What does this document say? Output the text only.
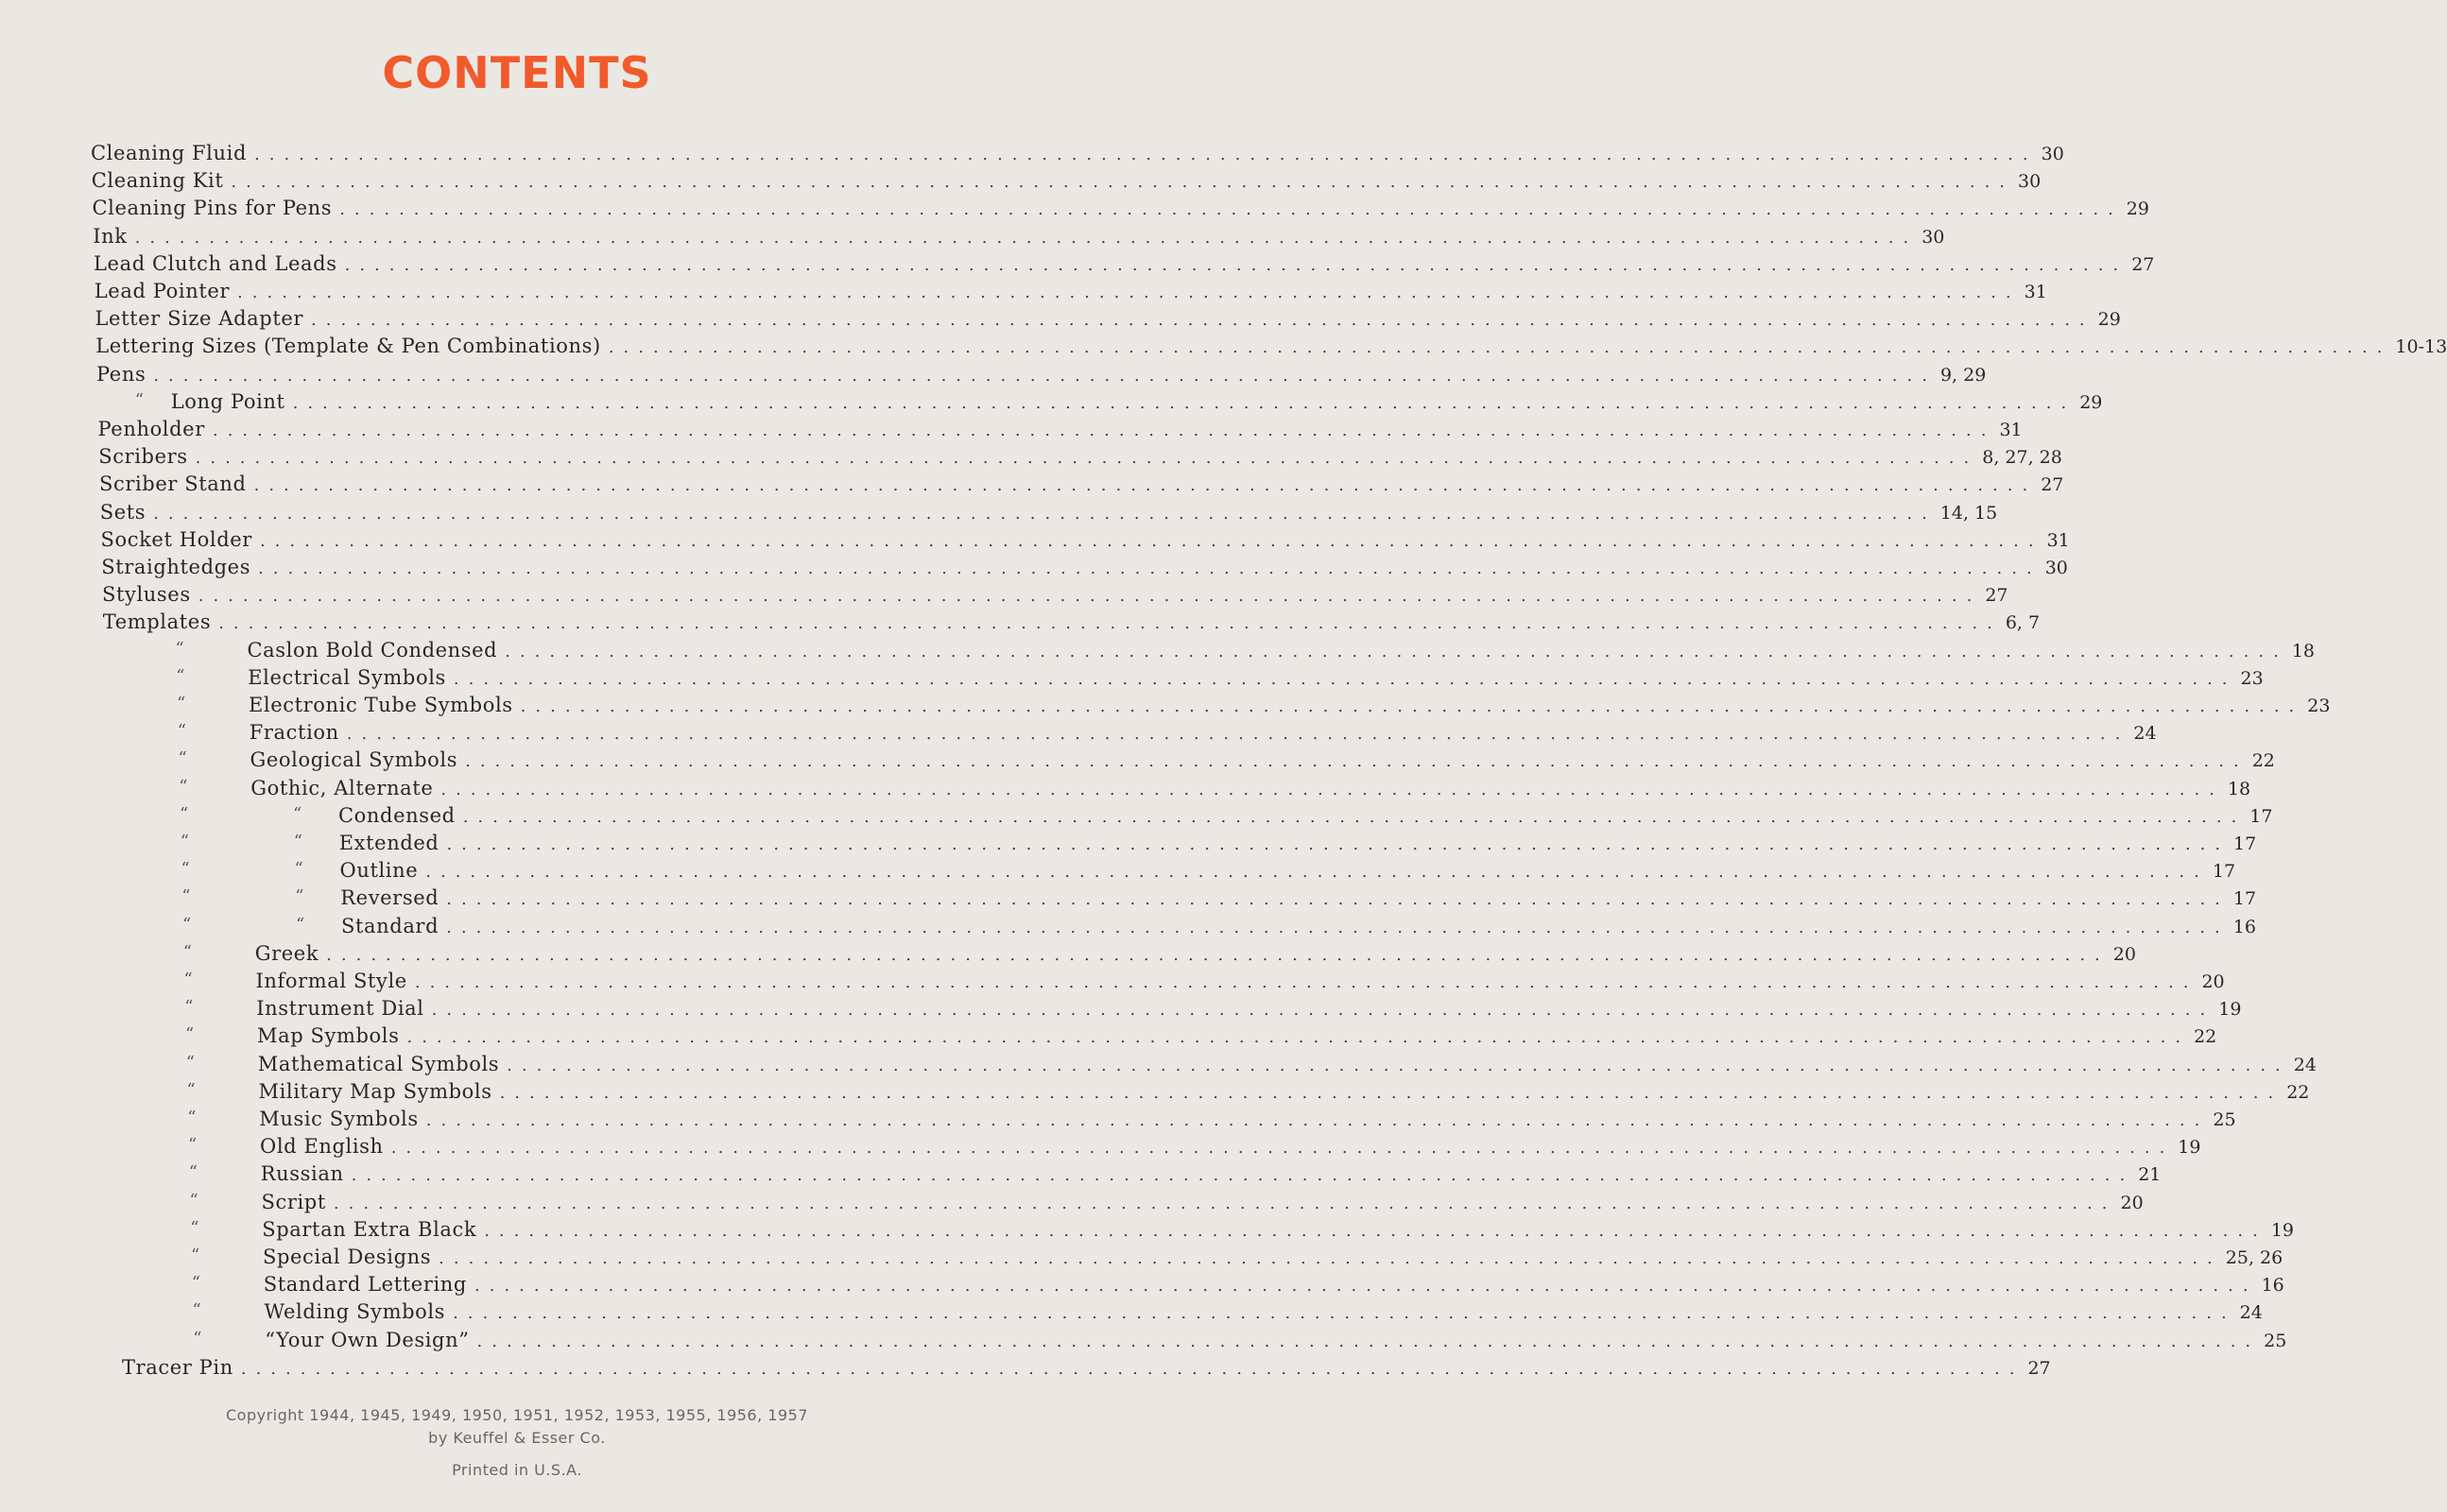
CONTENTS
Cleaning Fluid ........................................................................................................................ 30
Cleaning Kit ........................................................................................................................ 30
Cleaning Pins for Pens ........................................................................................................................ 29
Ink ........................................................................................................................ 30
Lead Clutch and Leads ........................................................................................................................ 27
Lead Pointer ........................................................................................................................ 31
Letter Size Adapter ........................................................................................................................ 29
Lettering Sizes (Template & Pen Combinations) ........................................................................................................................ 10-13
Pens ........................................................................................................................ 9, 29
“ Long Point ........................................................................................................................ 29
Penholder ........................................................................................................................ 31
Scribers ........................................................................................................................ 8, 27, 28
Scriber Stand ........................................................................................................................ 27
Sets ........................................................................................................................ 14, 15
Socket Holder ........................................................................................................................ 31
Straightedges ........................................................................................................................ 30
Styluses ........................................................................................................................ 27
Templates ........................................................................................................................ 6, 7
“	Caslon Bold Condensed ........................................................................................................................ 18
“	Electrical Symbols ........................................................................................................................ 23
“	Electronic Tube Symbols ........................................................................................................................ 23
“	Fraction ........................................................................................................................ 24
“	Geological Symbols ........................................................................................................................ 22
“	Gothic, Alternate ........................................................................................................................ 18
“	“ Condensed ........................................................................................................................ 17
“	“ Extended ........................................................................................................................ 17
“	“ Outline ........................................................................................................................ 17
“	“ Reversed ........................................................................................................................ 17
“	“ Standard ........................................................................................................................ 16
“	Greek ........................................................................................................................ 20
“	Informal Style ........................................................................................................................ 20
“	Instrument Dial ........................................................................................................................ 19
“	Map Symbols ........................................................................................................................ 22
“	Mathematical Symbols ........................................................................................................................ 24
“	Military Map Symbols ........................................................................................................................ 22
“	Music Symbols ........................................................................................................................ 25
“	Old English ........................................................................................................................ 19
“	Russian ........................................................................................................................ 21
“	Script ........................................................................................................................ 20
“	Spartan Extra Black ........................................................................................................................ 19
“	Special Designs ........................................................................................................................ 25, 26
“	Standard Lettering ........................................................................................................................ 16
“	Welding Symbols ........................................................................................................................ 24
“	“Your Own Design” ........................................................................................................................ 25
Tracer Pin ........................................................................................................................ 27
Copyright 1944, 1945, 1949, 1950, 1951, 1952, 1953, 1955, 1956, 1957
by Keuffel & Esser Co.
Printed in U.S.A.
